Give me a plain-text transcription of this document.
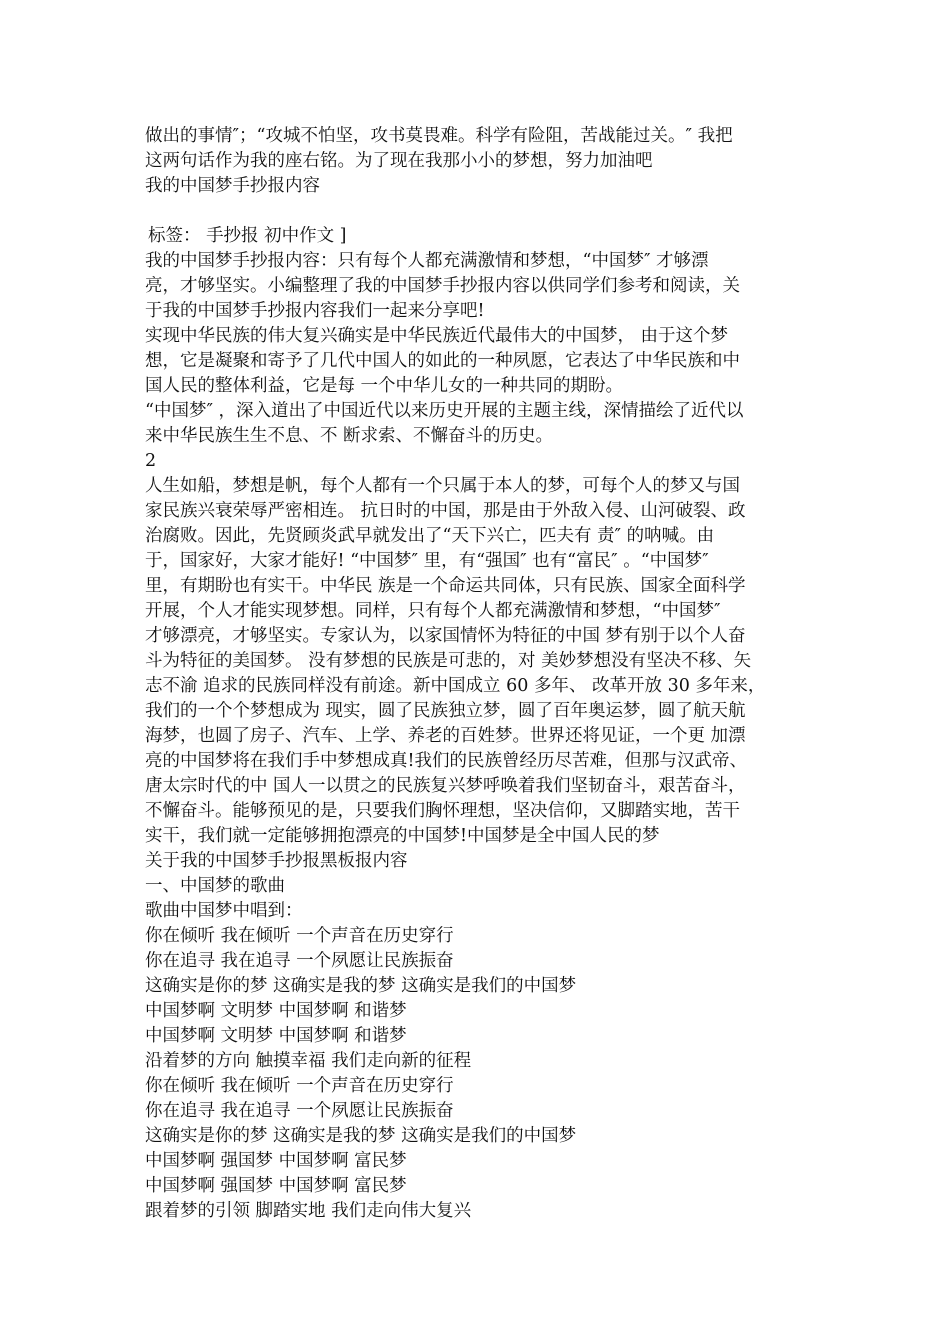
做出的事情″；“攻城不怕坚，攻书莫畏难。科学有险阻，苦战能过关。″ 我把
这两句话作为我的座右铭。为了现在我那小小的梦想，努力加油吧
我的中国梦手抄报内容
标签： 手抄报 初中作文 ]
我的中国梦手抄报内容：只有每个人都充满激情和梦想，“中国梦″ 才够漂
亮，才够坚实。小编整理了我的中国梦手抄报内容以供同学们参考和阅读，关
于我的中国梦手抄报内容我们一起来分享吧!
实现中华民族的伟大复兴确实是中华民族近代最伟大的中国梦， 由于这个梦
想，它是凝聚和寄予了几代中国人的如此的一种夙愿，它表达了中华民族和中
国人民的整体利益，它是每 一个中华儿女的一种共同的期盼。
“中国梦″ ，深入道出了中国近代以来历史开展的主题主线，深情描绘了近代以
来中华民族生生不息、不 断求索、不懈奋斗的历史。
2
人生如船，梦想是帆，每个人都有一个只属于本人的梦，可每个人的梦又与国
家民族兴衰荣辱严密相连。 抗日时的中国，那是由于外敌入侵、山河破裂、政
治腐败。因此，先贤顾炎武早就发出了“天下兴亡，匹夫有 责″ 的呐喊。由
于，国家好，大家才能好! “中国梦″ 里，有“强国″ 也有“富民″ 。“中国梦″
里，有期盼也有实干。中华民 族是一个命运共同体，只有民族、国家全面科学
开展，个人才能实现梦想。同样，只有每个人都充满激情和梦想，“中国梦″
才够漂亮，才够坚实。专家认为，以家国情怀为特征的中国 梦有别于以个人奋
斗为特征的美国梦。 没有梦想的民族是可悲的，对 美妙梦想没有坚决不移、矢
志不渝 追求的民族同样没有前途。新中国成立 60 多年、 改革开放 30 多年来，
我们的一个个梦想成为 现实，圆了民族独立梦，圆了百年奥运梦，圆了航天航
海梦，也圆了房子、汽车、上学、养老的百姓梦。世界还将见证，一个更 加漂
亮的中国梦将在我们手中梦想成真!我们的民族曾经历尽苦难，但那与汉武帝、
唐太宗时代的中 国人一以贯之的民族复兴梦呼唤着我们坚韧奋斗，艰苦奋斗，
不懈奋斗。能够预见的是，只要我们胸怀理想，坚决信仰，又脚踏实地，苦干
实干，我们就一定能够拥抱漂亮的中国梦!中国梦是全中国人民的梦
关于我的中国梦手抄报黑板报内容
一、中国梦的歌曲
歌曲中国梦中唱到：
你在倾听 我在倾听 一个声音在历史穿行
你在追寻 我在追寻 一个夙愿让民族振奋
这确实是你的梦 这确实是我的梦 这确实是我们的中国梦
中国梦啊 文明梦 中国梦啊 和谐梦
中国梦啊 文明梦 中国梦啊 和谐梦
沿着梦的方向 触摸幸福 我们走向新的征程
你在倾听 我在倾听 一个声音在历史穿行
你在追寻 我在追寻 一个夙愿让民族振奋
这确实是你的梦 这确实是我的梦 这确实是我们的中国梦
中国梦啊 强国梦 中国梦啊 富民梦
中国梦啊 强国梦 中国梦啊 富民梦
跟着梦的引领 脚踏实地 我们走向伟大复兴
